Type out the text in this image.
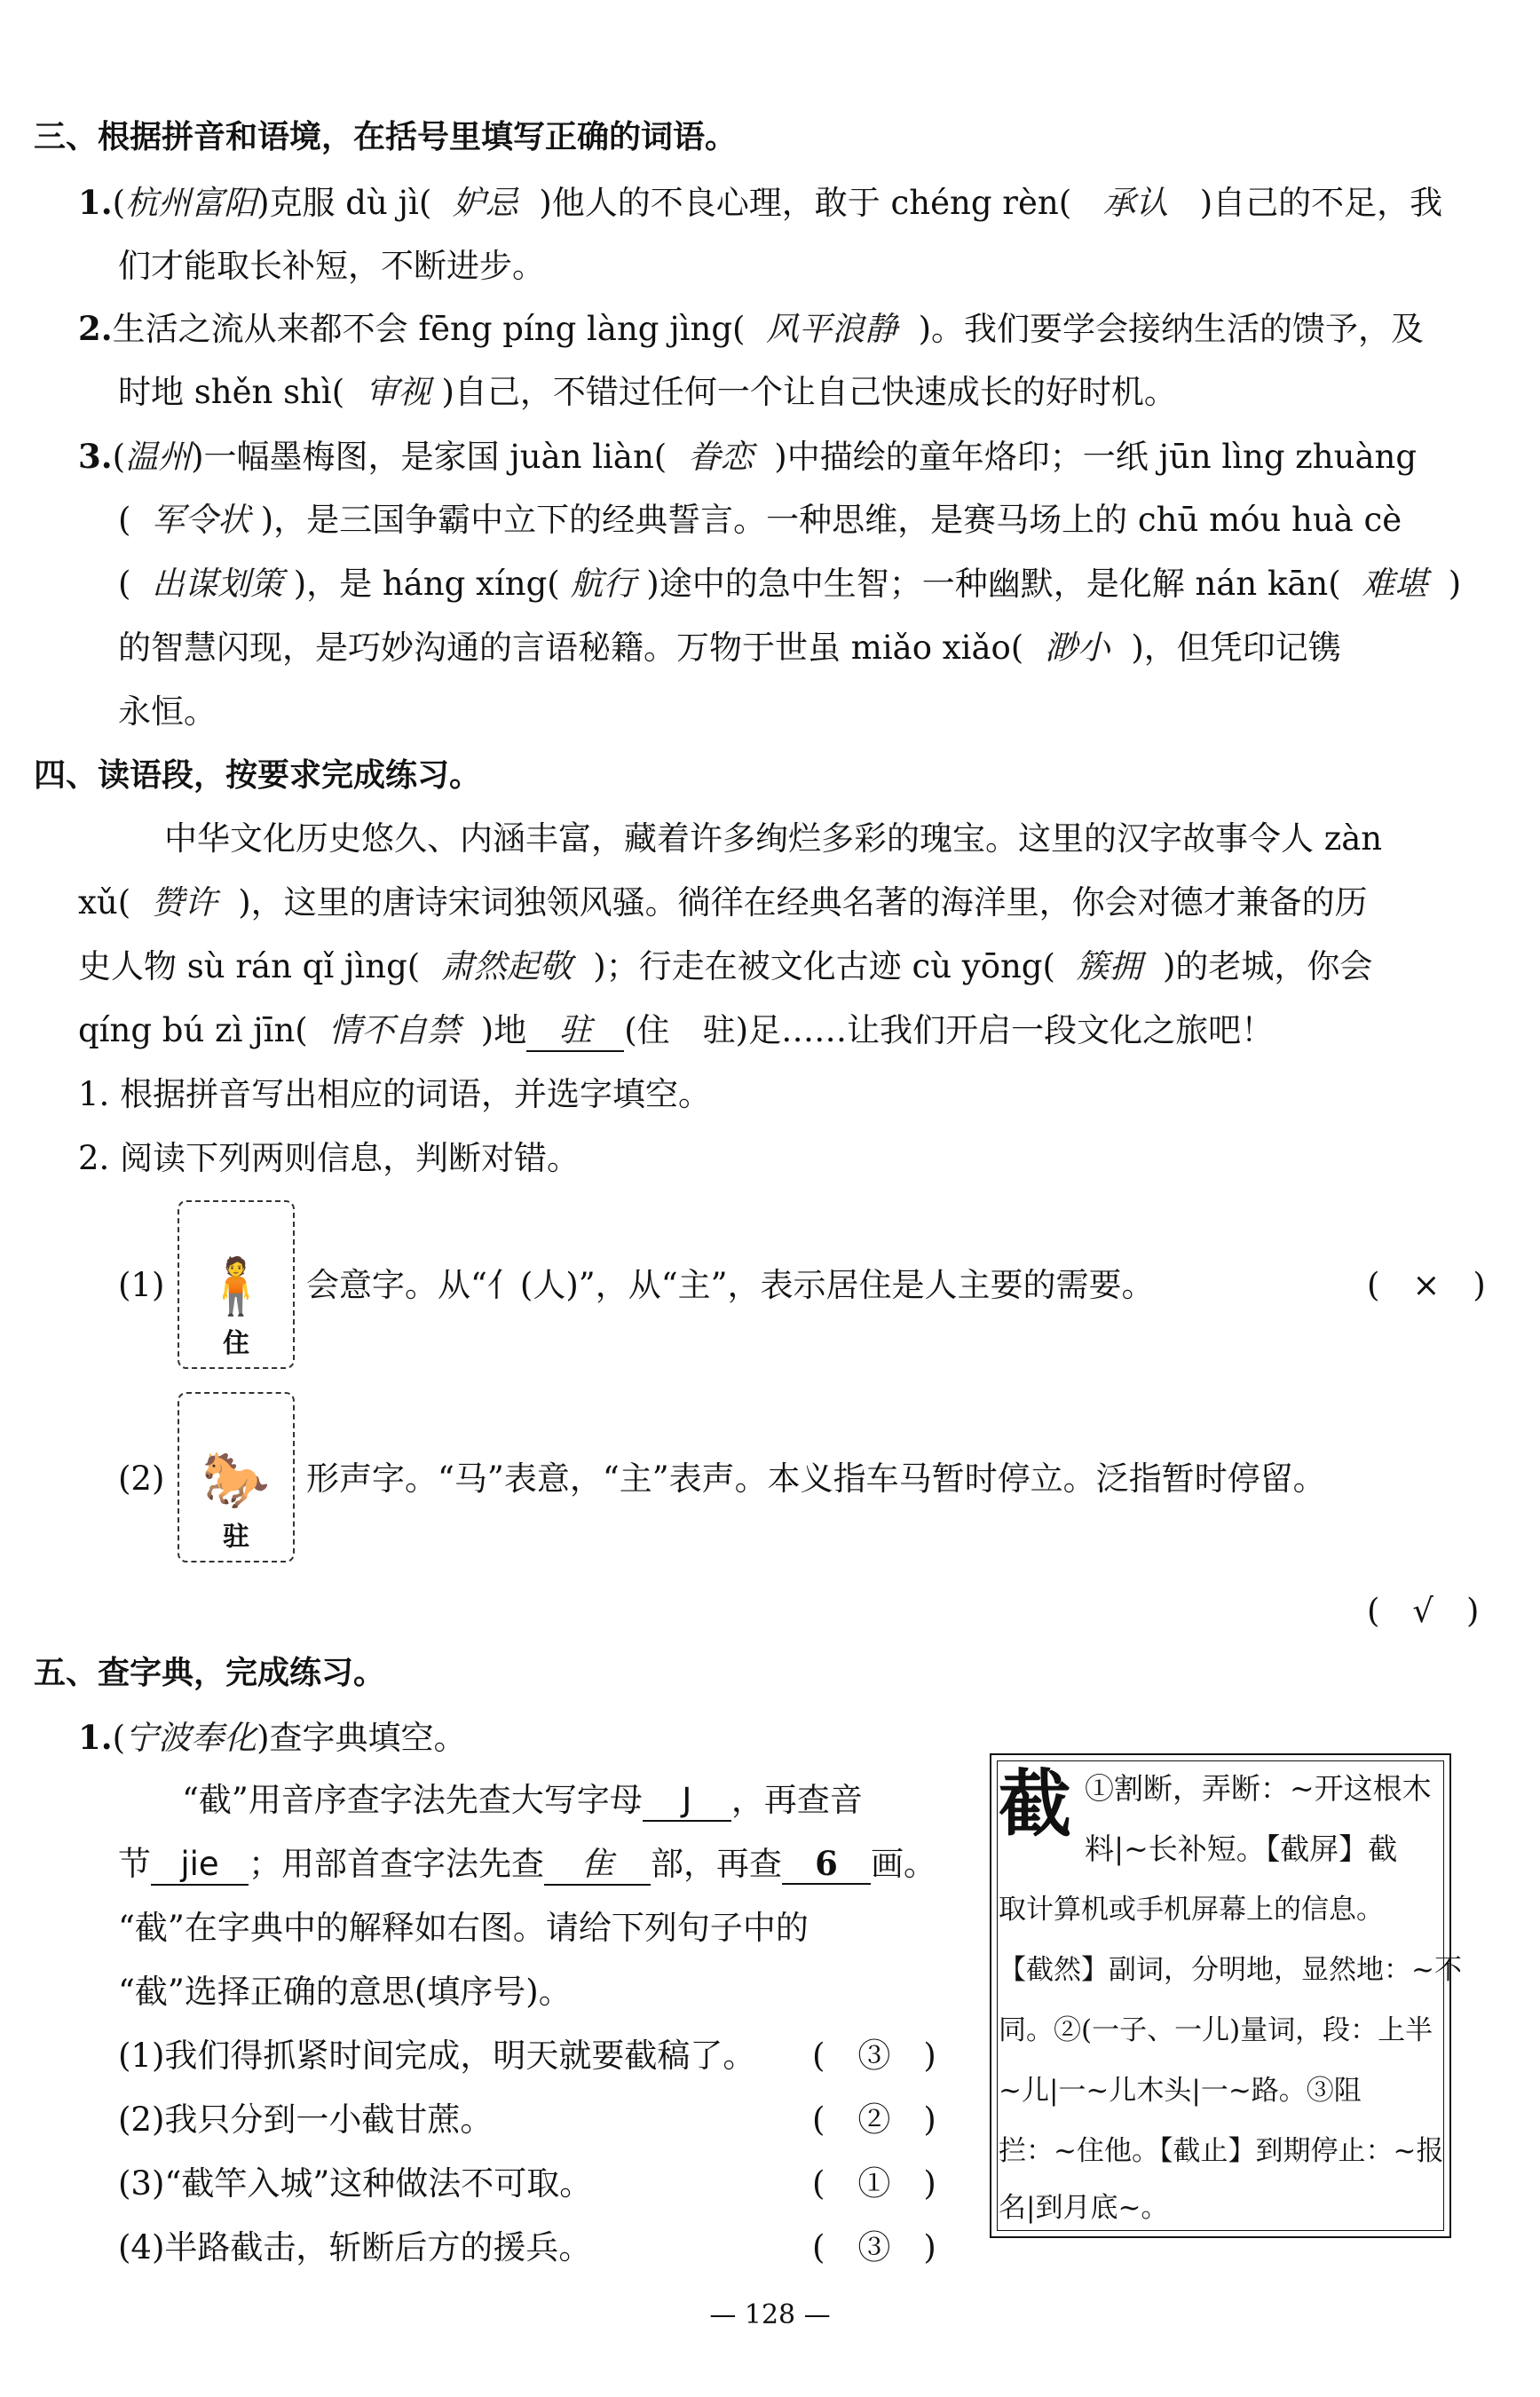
三、根据拼音和语境，在括号里填写正确的词语。
1.(杭州富阳)克服 dù jì( 妒忌 )他人的不良心理，敢于 chéng rèn( 承认 )自己的不足，我
们才能取长补短，不断进步。
2.生活之流从来都不会 fēng píng làng jìng( 风平浪静 )。我们要学会接纳生活的馈予，及
时地 shěn shì( 审视 )自己，不错过任何一个让自己快速成长的好时机。
3.(温州)一幅墨梅图，是家国 juàn liàn( 眷恋 )中描绘的童年烙印；一纸 jūn lìng zhuàng
( 军令状 )，是三国争霸中立下的经典誓言。一种思维，是赛马场上的 chū móu huà cè
( 出谋划策 )，是 háng xíng( 航行 )途中的急中生智；一种幽默，是化解 nán kān( 难堪 )
的智慧闪现，是巧妙沟通的言语秘籍。万物于世虽 miǎo xiǎo( 渺小 )，但凭印记镌
永恒。
四、读语段，按要求完成练习。
中华文化历史悠久、内涵丰富，藏着许多绚烂多彩的瑰宝。这里的汉字故事令人 zàn
xǔ( 赞许 )，这里的唐诗宋词独领风骚。徜徉在经典名著的海洋里，你会对德才兼备的历
史人物 sù rán qǐ jìng( 肃然起敬 )；行走在被文化古迹 cù yōng( 簇拥 )的老城，你会
qíng bú zì jīn( 情不自禁 )地 驻 (住　驻)足……让我们开启一段文化之旅吧！
1. 根据拼音写出相应的词语，并选字填空。
2. 阅读下列两则信息，判断对错。
(1) 🧍
住
会意字。从“亻(人)”，从“主”，表示居住是人主要的需要。	(　×　)
(2) 🐎
驻
形声字。“马”表意，“主”表声。本义指车马暂时停立。泛指暂时停留。
(　√　)
五、查字典，完成练习。
1.(宁波奉化)查字典填空。
“截”用音序查字法先查大写字母 J ，再查音
节 jie ；用部首查字法先查 隹 部，再查 6 画。
“截”在字典中的解释如右图。请给下列句子中的
“截”选择正确的意思(填序号)。
(1)我们得抓紧时间完成，明天就要截稿了。 (　③　)
(2)我只分到一小截甘蔗。	(　②　)
(3)“截竿入城”这种做法不可取。	(　①　)
(4)半路截击，斩断后方的援兵。	(　③　)
截 ①割断，弄断：~开这根木
料|~长补短。【截屏】截
取计算机或手机屏幕上的信息。
【截然】副词，分明地，显然地：~不
同。②(一子、一儿)量词，段：上半
~儿|一~儿木头|一~路。③阻
拦：~住他。【截止】到期停止：~报
名|到月底~。
— 128 —
